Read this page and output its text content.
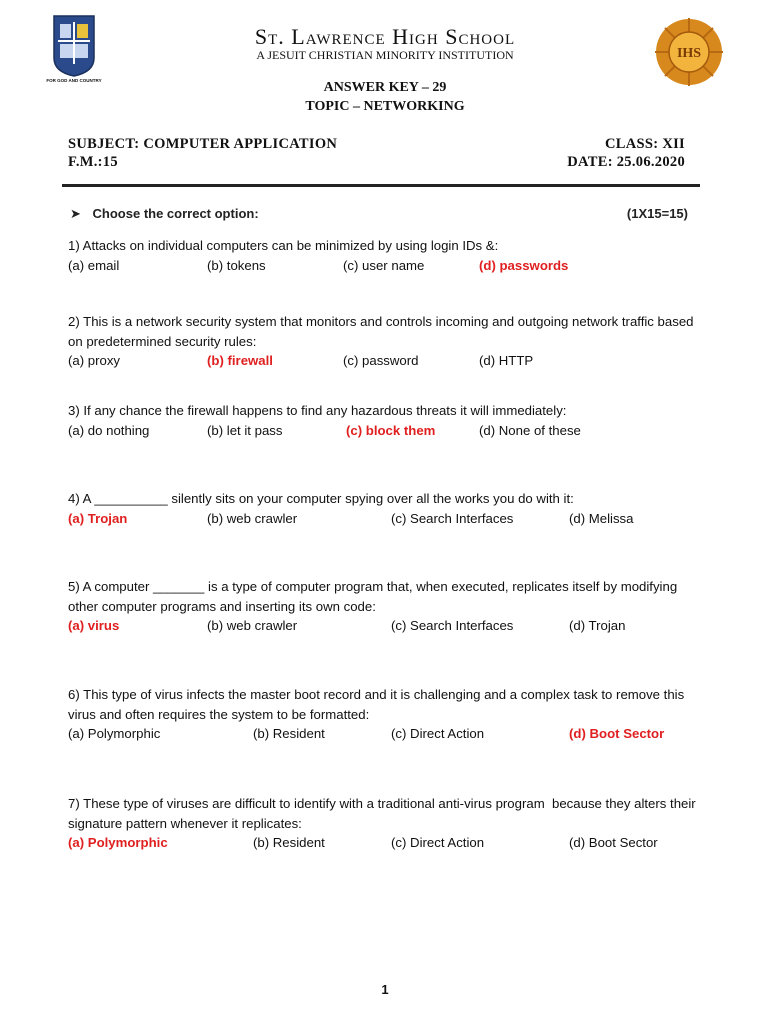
FOR GOD AND COUNTRY
IHS
St. Lawrence High School
A JESUIT CHRISTIAN MINORITY INSTITUTION
ANSWER KEY – 29
TOPIC – NETWORKING
SUBJECT: COMPUTER APPLICATION
F.M.:15
CLASS: XII
DATE: 25.06.2020
➤ Choose the correct option:	(1X15=15)
1) Attacks on individual computers can be minimized by using login IDs &:
(a) email	(b) tokens	(c) user name	(d) passwords
2) This is a network security system that monitors and controls incoming and outgoing network traffic based on predetermined security rules:
(a) proxy	(b) firewall	(c) password	(d) HTTP
3) If any chance the firewall happens to find any hazardous threats it will immediately:
(a) do nothing	(b) let it pass	(c) block them	(d) None of these
4) A __________ silently sits on your computer spying over all the works you do with it:
(a) Trojan	(b) web crawler	(c) Search Interfaces	(d) Melissa
5) A computer _______ is a type of computer program that, when executed, replicates itself by modifying other computer programs and inserting its own code:
(a) virus	(b) web crawler	(c) Search Interfaces	(d) Trojan
6) This type of virus infects the master boot record and it is challenging and a complex task to remove this virus and often requires the system to be formatted:
(a) Polymorphic	(b) Resident	(c) Direct Action	(d) Boot Sector
7) These type of viruses are difficult to identify with a traditional anti-virus program  because they alters their signature pattern whenever it replicates:
(a) Polymorphic	(b) Resident	(c) Direct Action	(d) Boot Sector
1
